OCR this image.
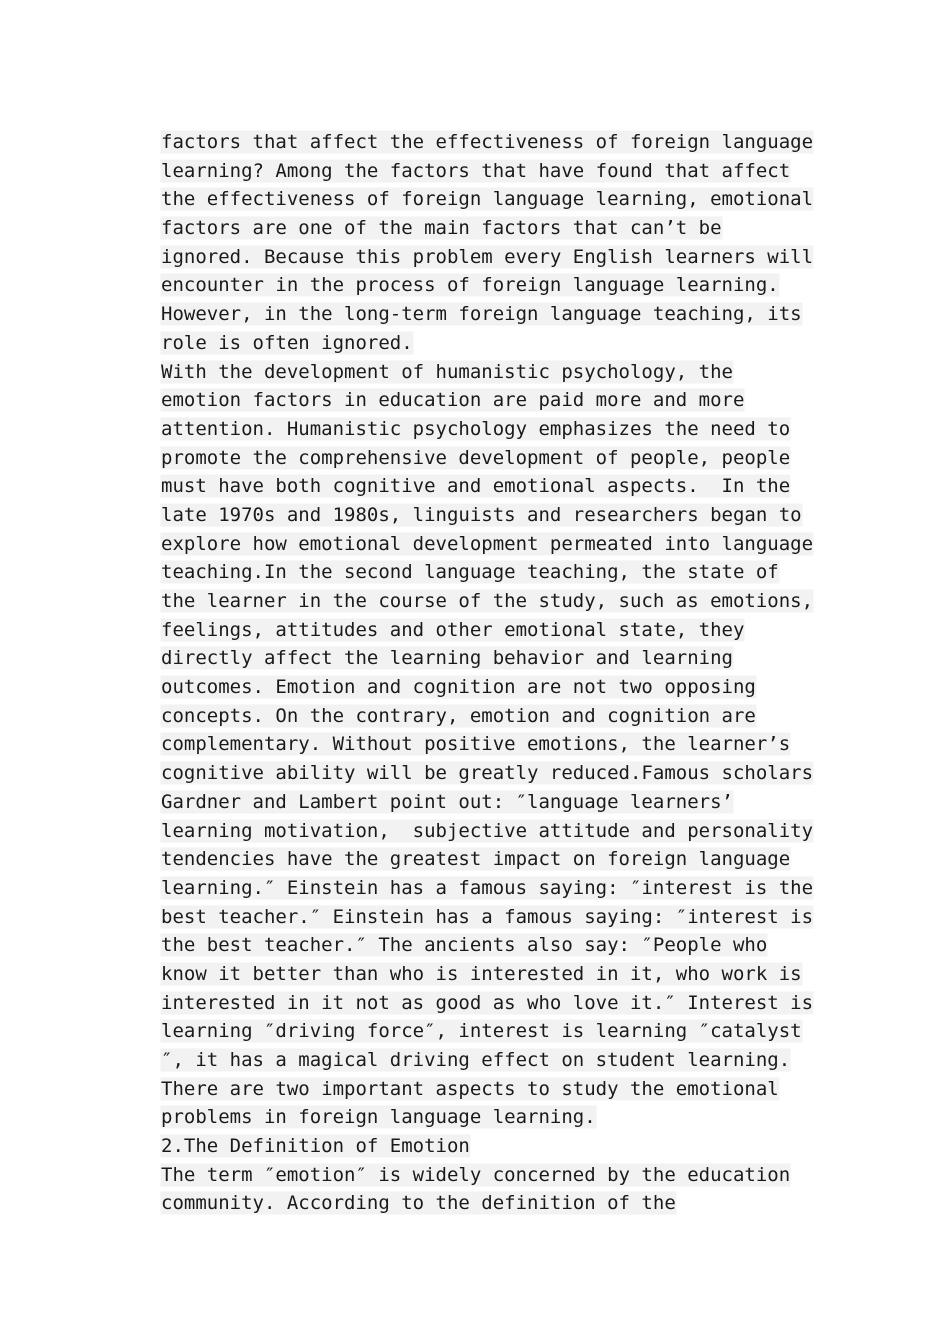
factors that affect the effectiveness of foreign language
learning? Among the factors that have found that affect
the effectiveness of foreign language learning, emotional
factors are one of the main factors that can’t be
ignored. Because this problem every English learners will
encounter in the process of foreign language learning.
However, in the long-term foreign language teaching, its
role is often ignored.
With the development of humanistic psychology, the
emotion factors in education are paid more and more
attention. Humanistic psychology emphasizes the need to
promote the comprehensive development of people, people
must have both cognitive and emotional aspects.  In the
late 1970s and 1980s, linguists and researchers began to
explore how emotional development permeated into language
teaching.In the second language teaching, the state of
the learner in the course of the study, such as emotions,
feelings, attitudes and other emotional state, they
directly affect the learning behavior and learning
outcomes. Emotion and cognition are not two opposing
concepts. On the contrary, emotion and cognition are
complementary. Without positive emotions, the learner’s
cognitive ability will be greatly reduced.Famous scholars
Gardner and Lambert point out: ″language learners’
learning motivation,  subjective attitude and personality
tendencies have the greatest impact on foreign language
learning.″ Einstein has a famous saying: ″interest is the
best teacher.″ Einstein has a famous saying: ″interest is
the best teacher.″ The ancients also say: ″People who
know it better than who is interested in it, who work is
interested in it not as good as who love it.″ Interest is
learning ″driving force″, interest is learning ″catalyst
″, it has a magical driving effect on student learning.
There are two important aspects to study the emotional
problems in foreign language learning.
2.The Definition of Emotion
The term ″emotion″ is widely concerned by the education
community. According to the definition of the
